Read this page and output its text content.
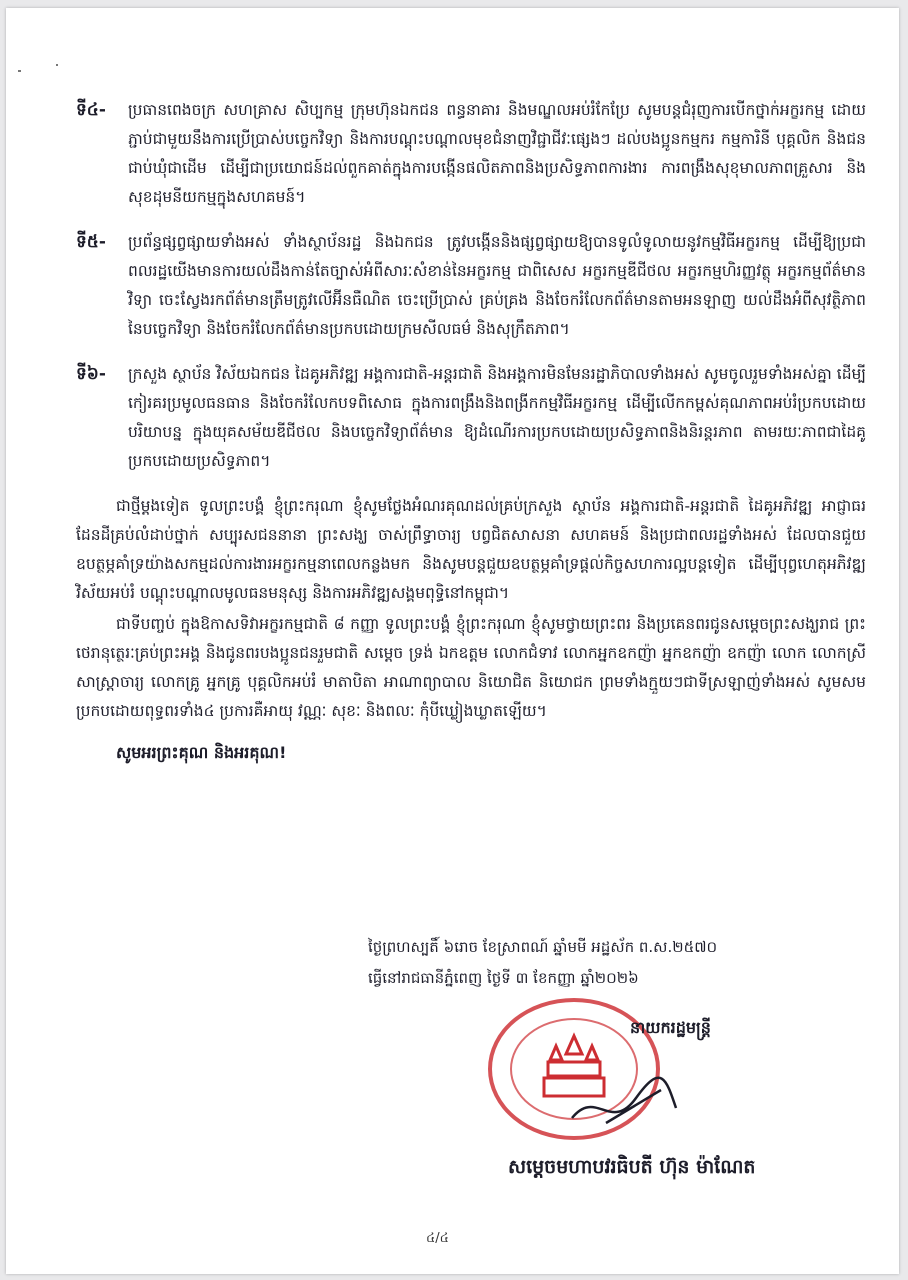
ទី៤-	ប្រធានពេងចក្រ សហគ្រាស សិប្បកម្ម ក្រុមហ៊ុនឯកជន ពន្ធនាគារ និងមណ្ឌលអប់រំកែប្រែ សូមបន្តជំរុញការបើកថ្នាក់អក្ខរកម្ម ដោយភ្ជាប់ជាមួយនឹងការប្រើប្រាស់បច្ចេកវិទ្យា និងការបណ្តុះបណ្តាលមុខជំនាញវិជ្ជាជីវៈផ្សេងៗ ដល់បងប្អូនកម្មករ កម្មការិនី បុគ្គលិក និងជនជាប់ឃុំជាដើម ដើម្បីជាប្រយោជន៍ដល់ពួកគាត់ក្នុងការបង្កើនផលិតភាពនិងប្រសិទ្ធភាពការងារ ការពង្រឹងសុខុមាលភាពគ្រួសារ និងសុខដុមនីយកម្មក្នុងសហគមន៍។
ទី៥-	ប្រព័ន្ធផ្សព្វផ្សាយទាំងអស់ ទាំងស្ថាប័នរដ្ឋ និងឯកជន ត្រូវបង្កើននិងផ្សព្វផ្សាយឱ្យបានទូលំទូលាយនូវកម្មវិធីអក្ខរកម្ម ដើម្បីឱ្យប្រជាពលរដ្ឋយើងមានការយល់ដឹងកាន់តែច្បាស់អំពីសារៈសំខាន់នៃអក្ខរកម្ម ជាពិសេស អក្ខរកម្មឌីជីថល អក្ខរកម្មហិរញ្ញវត្ថុ អក្ខរកម្មព័ត៌មានវិទ្យា ចេះស្វែងរកព័ត៌មានត្រឹមត្រូវលើអ៊ីនធឺណិត ចេះប្រើប្រាស់ គ្រប់គ្រង និងចែករំលែកព័ត៌មានតាមអនឡាញ យល់ដឹងអំពីសុវត្ថិភាពនៃបច្ចេកវិទ្យា និងចែករំលែកព័ត៌មានប្រកបដោយក្រមសីលធម៌ និងសុក្រឹតភាព។
ទី៦-	ក្រសួង ស្ថាប័ន វិស័យឯកជន ដៃគូអភិវឌ្ឍ អង្គការជាតិ-អន្តរជាតិ និងអង្គការមិនមែនរដ្ឋាភិបាលទាំងអស់ សូមចូលរួមទាំងអស់គ្នា ដើម្បីកៀរគរប្រមូលធនធាន និងចែករំលែកបទពិសោធ ក្នុងការពង្រឹងនិងពង្រីកកម្មវិធីអក្ខរកម្ម ដើម្បីលើកកម្ពស់គុណភាពអប់រំប្រកបដោយបរិយាបន្ន ក្នុងយុគសម័យឌីជីថល និងបច្ចេកវិទ្យាព័ត៌មាន ឱ្យដំណើរការប្រកបដោយប្រសិទ្ធភាពនិងនិរន្តរភាព តាមរយៈភាពជាដៃគូប្រកបដោយប្រសិទ្ធភាព។
ជាថ្មីម្តងទៀត ទូលព្រះបង្គំ ខ្ញុំព្រះករុណា ខ្ញុំសូមថ្លែងអំណរគុណដល់គ្រប់ក្រសួង ស្ថាប័ន អង្គការជាតិ-អន្តរជាតិ ដៃគូអភិវឌ្ឍ អាជ្ញាធរដែនដីគ្រប់លំដាប់ថ្នាក់ សប្បុរសជននានា ព្រះសង្ឃ ចាស់ព្រឹទ្ធាចារ្យ បព្វជិតសាសនា សហគមន៍ និងប្រជាពលរដ្ឋទាំងអស់ ដែលបានជួយឧបត្ថម្ភគាំទ្រយ៉ាងសកម្មដល់ការងារអក្ខរកម្មនាពេលកន្លងមក និងសូមបន្តជួយឧបត្ថម្ភគាំទ្រផ្តល់កិច្ចសហការល្អបន្តទៀត ដើម្បីបុព្វហេតុអភិវឌ្ឍវិស័យអប់រំ បណ្តុះបណ្តាលមូលធនមនុស្ស និងការអភិវឌ្ឍសង្គមពុទ្ធិនៅកម្ពុជា។
ជាទីបញ្ចប់ ក្នុងឱកាសទិវាអក្ខរកម្មជាតិ ៨ កញ្ញា ទូលព្រះបង្គំ ខ្ញុំព្រះករុណា ខ្ញុំសូមថ្វាយព្រះពរ និងប្រគេនពរជូនសម្តេចព្រះសង្ឃរាជ ព្រះថេរានុត្ថេរៈគ្រប់ព្រះអង្គ និងជូនពរបងប្អូនជនរួមជាតិ សម្តេច ទ្រង់ ឯកឧត្តម លោកជំទាវ លោកអ្នកឧកញ៉ា អ្នកឧកញ៉ា ឧកញ៉ា លោក លោកស្រី សាស្ត្រាចារ្យ លោកគ្រូ អ្នកគ្រូ បុគ្គលិកអប់រំ មាតាបិតា អាណាព្យាបាល និយោជិត និយោជក ព្រមទាំងក្មួយៗជាទីស្រឡាញ់ទាំងអស់ សូមសមប្រកបដោយពុទ្ធពរទាំង៤ ប្រការគឺអាយុ វណ្ណៈ សុខៈ និងពលៈ កុំបីឃ្លៀងឃ្លាតឡើយ។
សូមអរព្រះគុណ និងអរគុណ!
ថ្ងៃព្រហស្បតិ៍ ៦រោច ខែស្រាពណ៍ ឆ្នាំមមី អដ្ឋស័ក ព.ស.២៥៧០
ធ្វើនៅរាជធានីភ្នំពេញ ថ្ងៃទី ៣ ខែកញ្ញា ឆ្នាំ២០២៦
នាយករដ្ឋមន្ត្រី
សម្តេចមហាបវរធិបតី ហ៊ុន ម៉ាណែត
៤/៤
